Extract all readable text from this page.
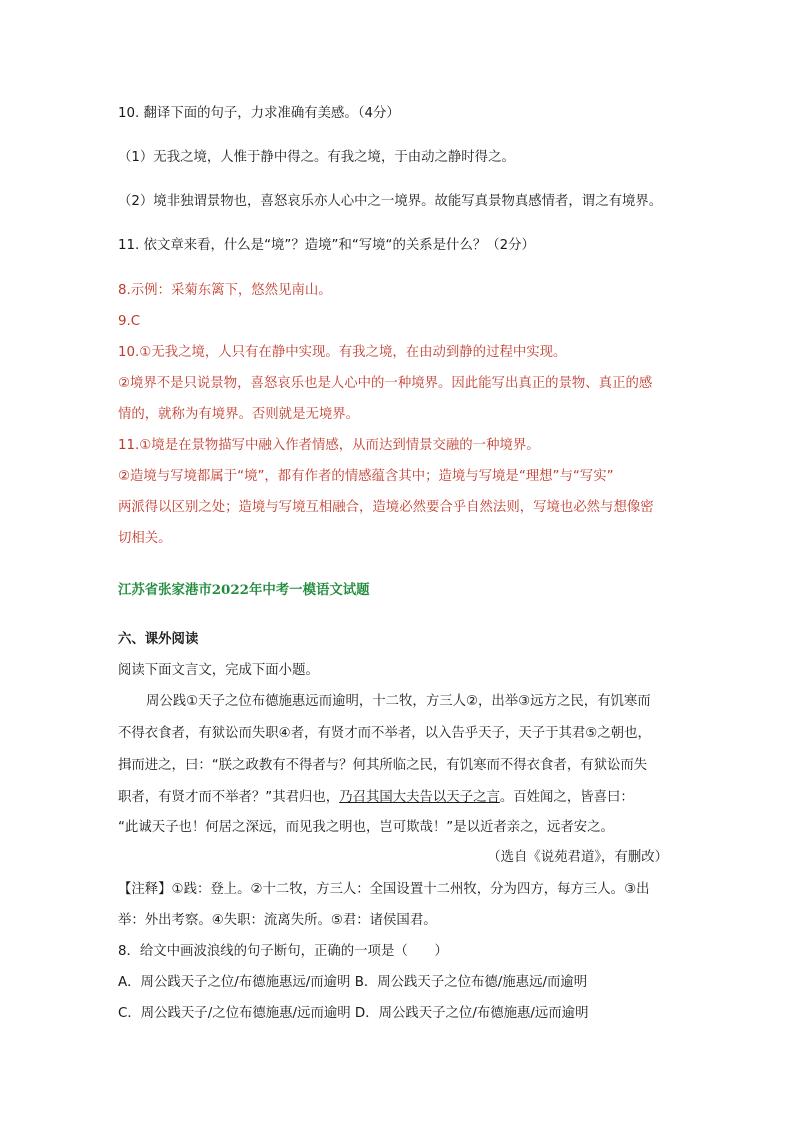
10. 翻译下面的句子，力求准确有美感。（4分）
（1）无我之境，人惟于静中得之。有我之境，于由动之静时得之。
（2）境非独谓景物也，喜怒哀乐亦人心中之一境界。故能写真景物真感情者，谓之有境界。
11. 依文章来看，什么是“境”？造境”和“写境“的关系是什么？（2分）
8.示例：采菊东篱下，悠然见南山。
9.C
10.①无我之境，人只有在静中实现。有我之境，在由动到静的过程中实现。
②境界不是只说景物，喜怒哀乐也是人心中的一种境界。因此能写出真正的景物、真正的感
情的，就称为有境界。否则就是无境界。
11.①境是在景物描写中融入作者情感，从而达到情景交融的一种境界。
②造境与写境都属于“境”，都有作者的情感蕴含其中；造境与写境是“理想”与“写实”
两派得以区别之处；造境与写境互相融合，造境必然要合乎自然法则，写境也必然与想像密
切相关。
江苏省张家港市2022年中考一模语文试题
六、课外阅读
阅读下面文言文，完成下面小题。
周公践①天子之位布德施惠远而逾明，十二牧，方三人②，出举③远方之民，有饥寒而
不得衣食者，有狱讼而失职④者，有贤才而不举者，以入告乎天子，天子于其君⑤之朝也，
揖而进之，曰：“朕之政教有不得者与？何其所临之民，有饥寒而不得衣食者，有狱讼而失
职者，有贤才而不举者？”其君归也，乃召其国大夫告以天子之言。百姓闻之，皆喜曰：
“此诚天子也！何居之深远，而见我之明也，岂可欺哉！”是以近者亲之，远者安之。
（选自《说苑君道》，有删改）
【注释】①践：登上。②十二牧，方三人：全国设置十二州牧，分为四方，每方三人。③出
举：外出考察。④失职：流离失所。⑤君：诸侯国君。
8．给文中画波浪线的句子断句，正确的一项是（　　）
A．周公践天子之位/布德施惠远/而逾明 B．周公践天子之位布德/施惠远/而逾明
C．周公践天子/之位布德施惠/远而逾明 D．周公践天子之位/布德施惠/远而逾明
